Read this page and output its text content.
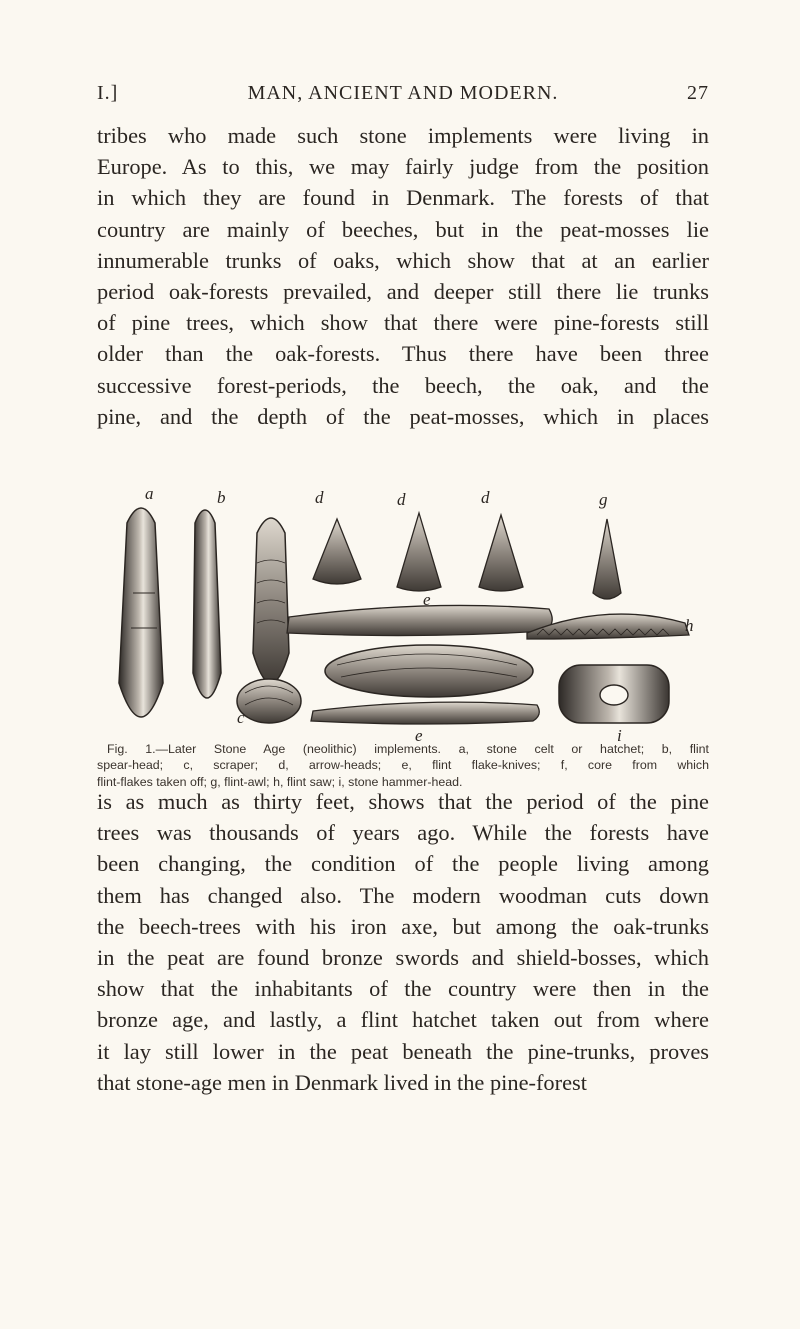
I.]	MAN, ANCIENT AND MODERN.	27
tribes who made such stone implements were living in
Europe. As to this, we may fairly judge from the position
in which they are found in Denmark. The forests of that
country are mainly of beeches, but in the peat-mosses lie
innumerable trunks of oaks, which show that at an earlier
period oak-forests prevailed, and deeper still there lie trunks
of pine trees, which show that there were pine-forests still
older than the oak-forests. Thus there have been three
successive forest-periods, the beech, the oak, and the
pine, and the depth of the peat-mosses, which in places
a	b	d	d	d	g
e
h
c
e	i
Fig. 1.—Later Stone Age (neolithic) implements. a, stone celt or hatchet; b, flint
spear-head; c, scraper; d, arrow-heads; e, flint flake-knives; f, core from which
flint-flakes taken off; g, flint-awl; h, flint saw; i, stone hammer-head.
is as much as thirty feet, shows that the period of the pine
trees was thousands of years ago. While the forests have
been changing, the condition of the people living among
them has changed also. The modern woodman cuts down
the beech-trees with his iron axe, but among the oak-trunks
in the peat are found bronze swords and shield-bosses, which
show that the inhabitants of the country were then in the
bronze age, and lastly, a flint hatchet taken out from where
it lay still lower in the peat beneath the pine-trunks, proves
that stone-age men in Denmark lived in the pine-forest
